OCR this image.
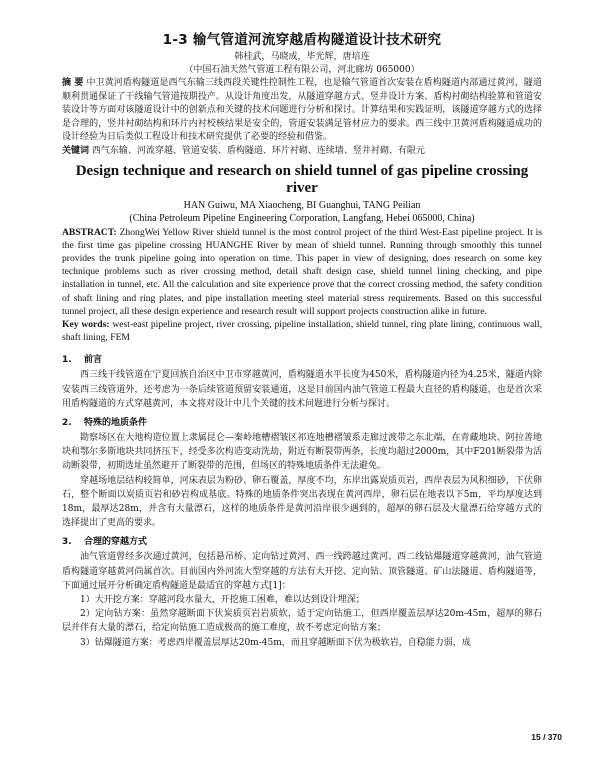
1-3 输气管道河流穿越盾构隧道设计技术研究

韩桂武，马晓成，毕光辉，唐培连

（中国石油天然气管道工程有限公司，河北廊坊 065000）

摘 要 中卫黄河盾构隧道是西气东输三线西段关键性控制性工程，也是输气管道首次安装在盾构隧道内部通过黄河，隧道顺利贯通保证了干线输气管道按期投产。从设计角度出发，从隧道穿越方式、竖井设计方案、盾构衬砌结构验算和管道安装设计等方面对该隧道设计中的创新点和关键的技术问题进行分析和探讨。计算结果和实践证明，该隧道穿越方式的选择是合理的，竖井衬砌结构和环片内衬校核结果是安全的，管道安装满足管材应力的要求。西三线中卫黄河盾构隧道成功的设计经验为日后类似工程设计和技术研究提供了必要的经验和借鉴。

关键词 西气东输、河流穿越、管道安装、盾构隧道、环片衬砌、连续墙、竖井衬砌、有限元

Design technique and research on shield tunnel of gas pipeline crossing river

HAN Guiwu, MA Xiaocheng, BI Guanghui, TANG Peilian

(China Petroleum Pipeline Engineering Corporation, Langfang, Hebei 065000, China)

ABSTRACT: ZhongWei Yellow River shield tunnel is the most control project of the third West-East pipeline project. It is the first time gas pipeline crossing HUANGHE River by mean of shield tunnel. Running through smoothly this tunnel provides the trunk pipeline going into operation on time. This paper in view of designing, does research on some key technique problems such as river crossing method, detail shaft design case, shield tunnel lining checking, and pipe installation in tunnel, etc. All the calculation and site experience prove that the correct crossing method, the safety condition of shaft lining and ring plates, and pipe installation meeting steel material stress requirements. Based on this successful tunnel project, all these design experience and research result will support projects construction alike in future.

Key words: west-east pipeline project, river crossing, pipeline installation, shield tunnel, ring plate lining, continuous wall, shaft lining, FEM

1. 前言

西三线干线管道在宁夏回族自治区中卫市穿越黄河，盾构隧道水平长度为450米，盾构隧道内径为4.25米，隧道内除安装西三线管道外，还考虑为一条后续管道预留安装通道，这是目前国内油气管道工程最大直径的盾构隧道，也是首次采用盾构隧道的方式穿越黄河，本文将对设计中几个关键的技术问题进行分析与探讨。

2. 特殊的地质条件

勘察场区在大地构造位置上隶属昆仑—秦岭地槽褶皱区祁连地槽褶皱系走廊过渡带之东北端，在青藏地块、阿拉善地块和鄂尔多斯地块共同挤压下，经受多次构造变动洗劫，附近有断裂带两条，长度均超过2000m，其中F201断裂带为活动断裂带，初期选址虽然避开了断裂带的范围，但场区的特殊地质条件无法避免。

穿越场地层结构较简单，河床表层为粉砂、卵石覆盖，厚度不均，东岸出露炭质页岩，西岸表层为风积细砂，下伏卵石，整个断面以炭质页岩和砂岩构成基底。特殊的地质条件突出表现在黄河西岸，卵石层在地表以下5m，平均厚度达到18m，最厚达28m，并含有大量漂石，这样的地质条件是黄河沿岸很少遇到的，超厚的卵石层及大量漂石给穿越方式的选择提出了更高的要求。

3. 合理的穿越方式

油气管道曾经多次通过黄河，包括悬吊桥、定向钻过黄河、西一线跨越过黄河、西二线钻爆隧道穿越黄河，油气管道盾构隧道穿越黄河尚属首次。目前国内外河流大型穿越的方法有大开挖、定向钻、顶管隧道、矿山法隧道、盾构隧道等，下面通过展开分析确定盾构隧道是最适宜的穿越方式[1]：

1）大开挖方案：穿越河段水量大，开挖施工困难，难以达到设计埋深；

2）定向钻方案：虽然穿越断面下伏炭质页岩岩质软，适于定向钻施工，但西岸覆盖层厚达20m-45m，超厚的卵石层并伴有大量的漂石，给定向钻施工造成极高的施工难度，故不考虑定向钻方案；

3）钻爆隧道方案：考虑西岸覆盖层厚达20m-45m，而且穿越断面下伏为极软岩，自稳能力弱，成

15 / 370
